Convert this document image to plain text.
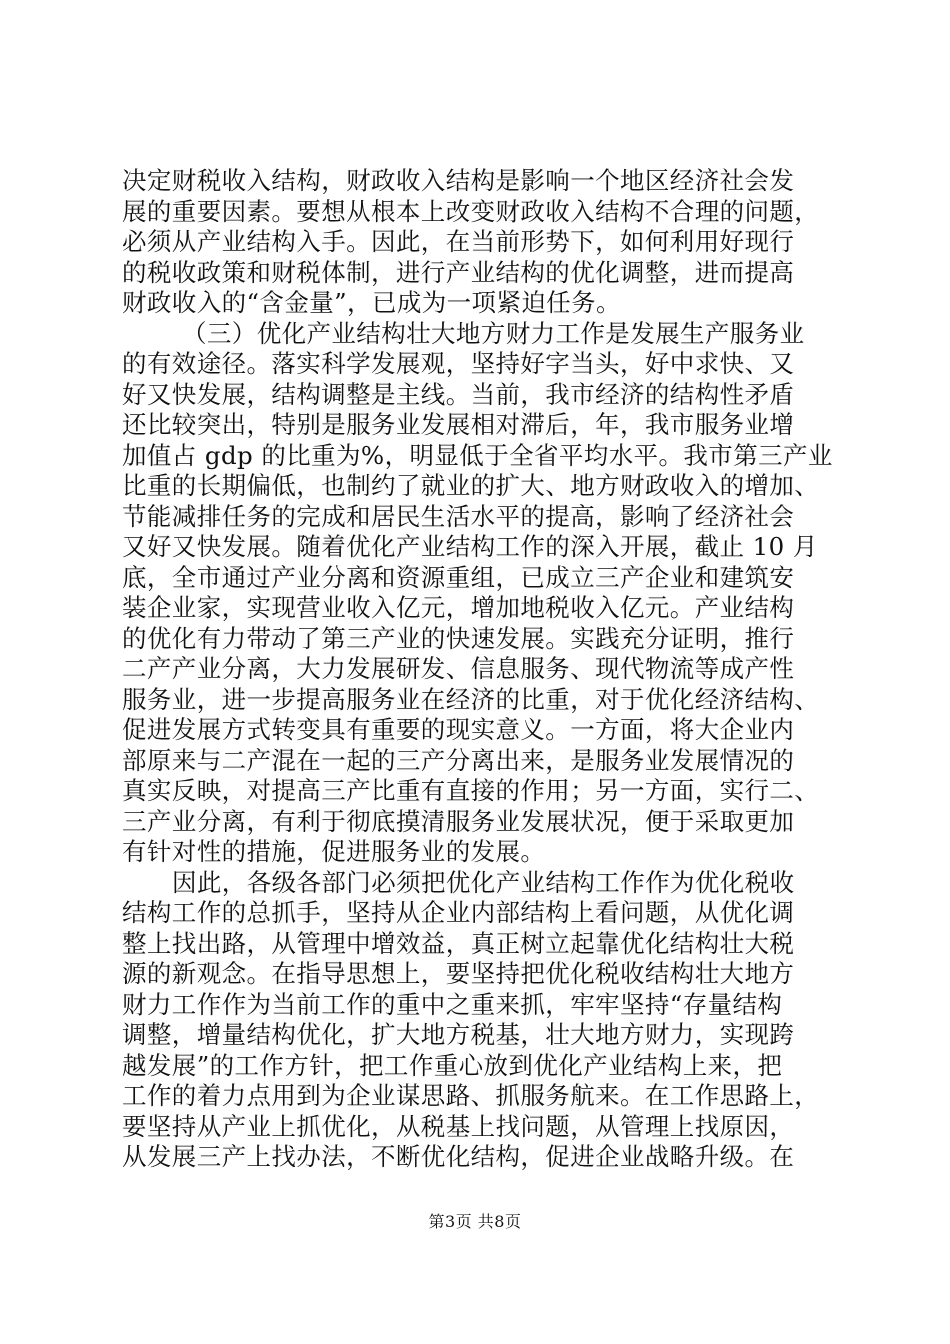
决定财税收入结构，财政收入结构是影响一个地区经济社会发
展的重要因素。要想从根本上改变财政收入结构不合理的问题，
必须从产业结构入手。因此，在当前形势下，如何利用好现行
的税收政策和财税体制，进行产业结构的优化调整，进而提高
财政收入的“含金量”，已成为一项紧迫任务。
（三）优化产业结构壮大地方财力工作是发展生产服务业
的有效途径。落实科学发展观，坚持好字当头，好中求快、又
好又快发展，结构调整是主线。当前，我市经济的结构性矛盾
还比较突出，特别是服务业发展相对滞后，年，我市服务业增
加值占 gdp 的比重为%，明显低于全省平均水平。我市第三产业
比重的长期偏低，也制约了就业的扩大、地方财政收入的增加、
节能减排任务的完成和居民生活水平的提高，影响了经济社会
又好又快发展。随着优化产业结构工作的深入开展，截止 10 月
底，全市通过产业分离和资源重组，已成立三产企业和建筑安
装企业家，实现营业收入亿元，增加地税收入亿元。产业结构
的优化有力带动了第三产业的快速发展。实践充分证明，推行
二产产业分离，大力发展研发、信息服务、现代物流等成产性
服务业，进一步提高服务业在经济的比重，对于优化经济结构、
促进发展方式转变具有重要的现实意义。一方面，将大企业内
部原来与二产混在一起的三产分离出来，是服务业发展情况的
真实反映，对提高三产比重有直接的作用；另一方面，实行二、
三产业分离，有利于彻底摸清服务业发展状况，便于采取更加
有针对性的措施，促进服务业的发展。
因此，各级各部门必须把优化产业结构工作作为优化税收
结构工作的总抓手，坚持从企业内部结构上看问题，从优化调
整上找出路，从管理中增效益，真正树立起靠优化结构壮大税
源的新观念。在指导思想上，要坚持把优化税收结构壮大地方
财力工作作为当前工作的重中之重来抓，牢牢坚持“存量结构
调整，增量结构优化，扩大地方税基，壮大地方财力，实现跨
越发展”的工作方针，把工作重心放到优化产业结构上来，把
工作的着力点用到为企业谋思路、抓服务航来。在工作思路上，
要坚持从产业上抓优化，从税基上找问题，从管理上找原因，
从发展三产上找办法，不断优化结构，促进企业战略升级。在
第3页 共8页
